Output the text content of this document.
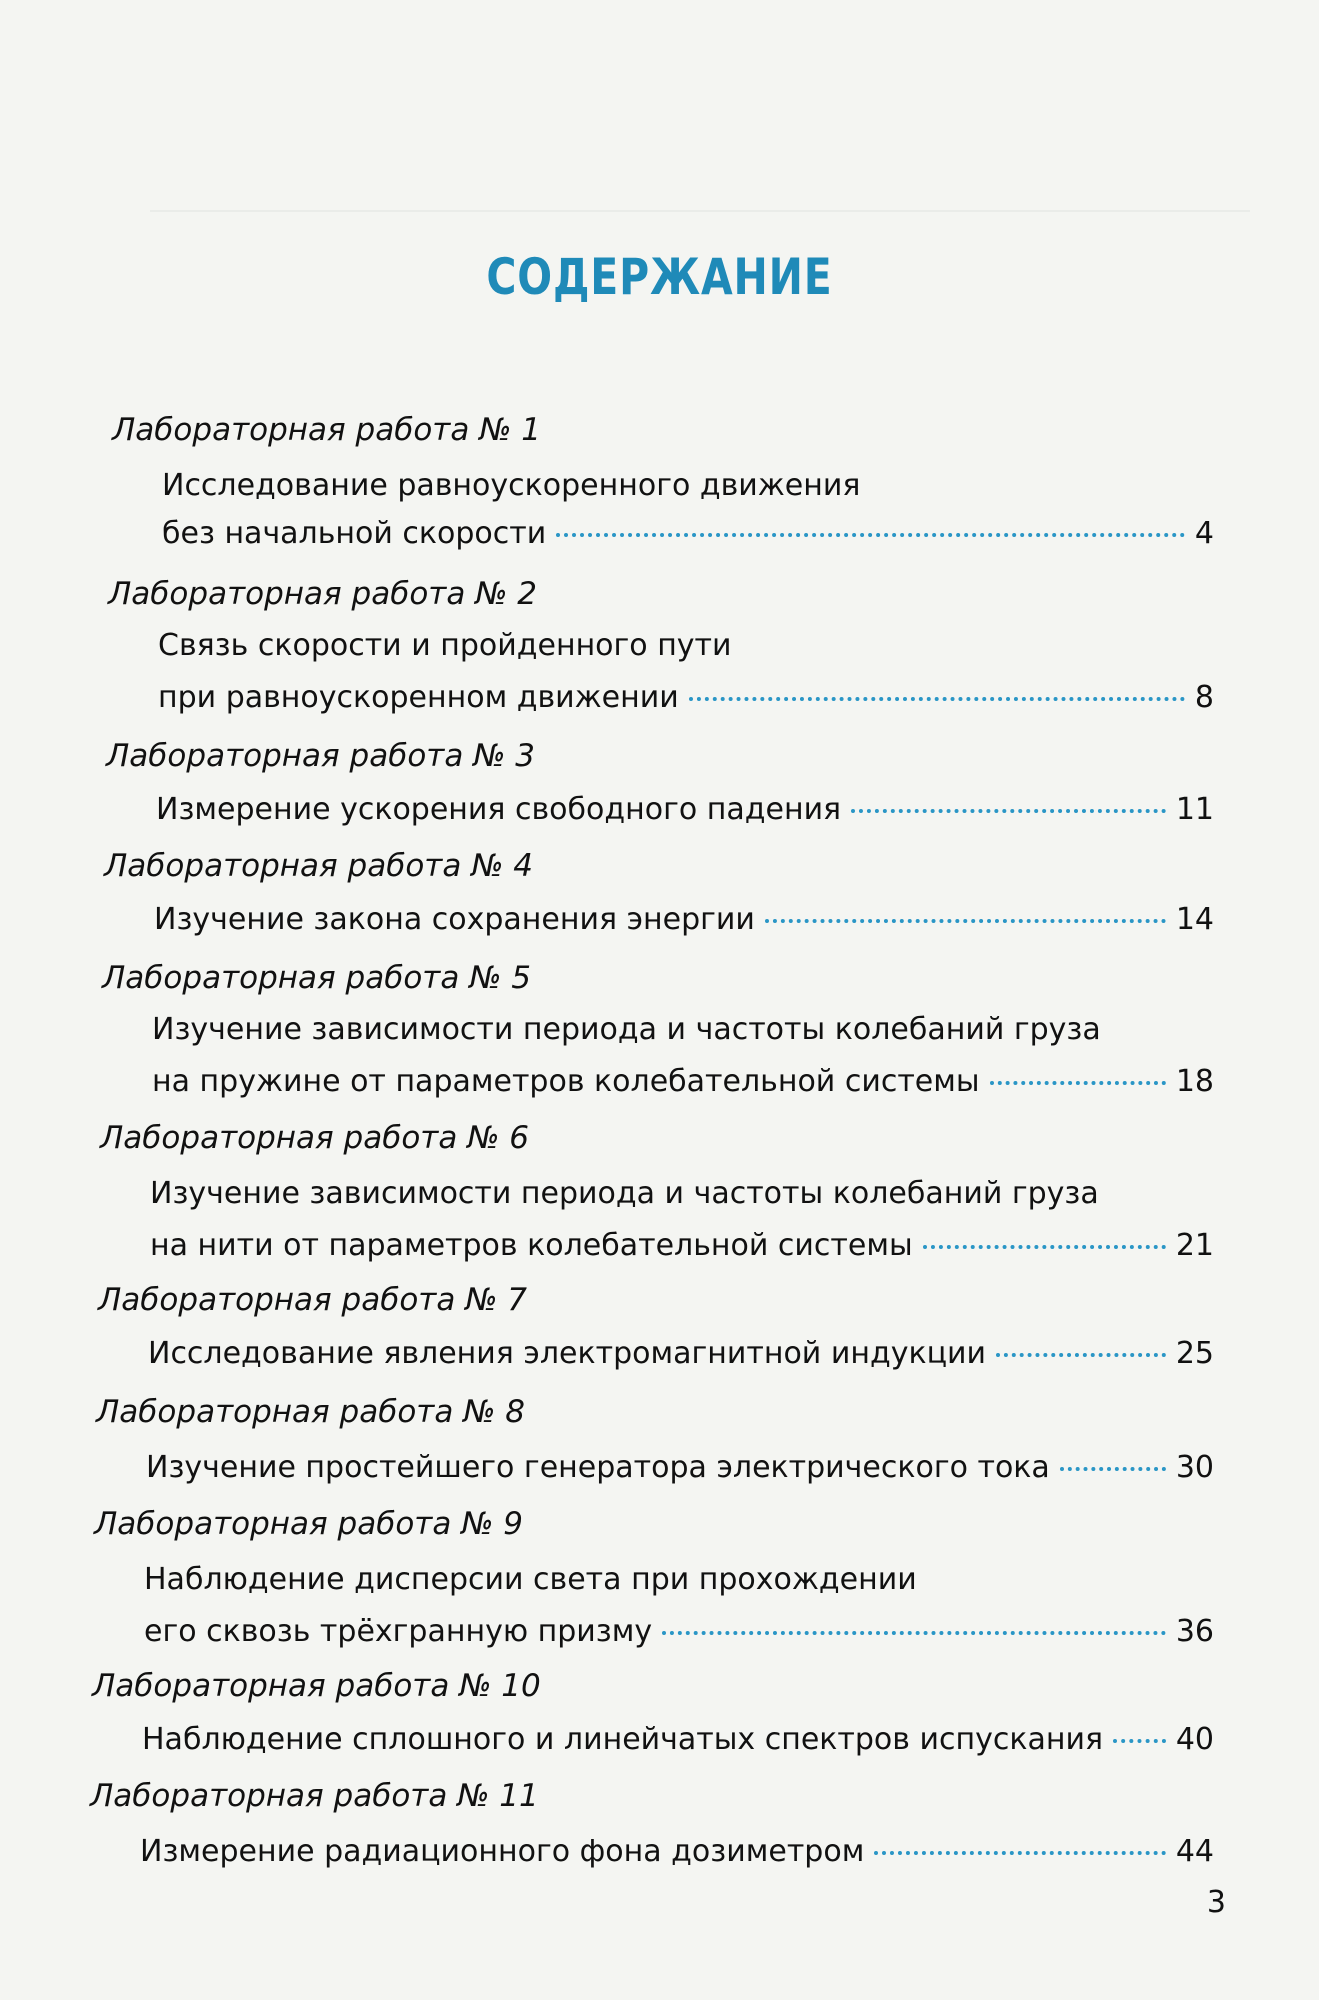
СОДЕРЖАНИЕ
Лабораторная работа № 1
Исследование равноускоренного движения
без начальной скорости	4
Лабораторная работа № 2
Связь скорости и пройденного пути
при равноускоренном движении	8
Лабораторная работа № 3
Измерение ускорения свободного падения	11
Лабораторная работа № 4
Изучение закона сохранения энергии	14
Лабораторная работа № 5
Изучение зависимости периода и частоты колебаний груза
на пружине от параметров колебательной системы	18
Лабораторная работа № 6
Изучение зависимости периода и частоты колебаний груза
на нити от параметров колебательной системы	21
Лабораторная работа № 7
Исследование явления электромагнитной индукции	25
Лабораторная работа № 8
Изучение простейшего генератора электрического тока	30
Лабораторная работа № 9
Наблюдение дисперсии света при прохождении
его сквозь трёхгранную призму	36
Лабораторная работа № 10
Наблюдение сплошного и линейчатых спектров испускания 40
Лабораторная работа № 11
Измерение радиационного фона дозиметром	44
3
